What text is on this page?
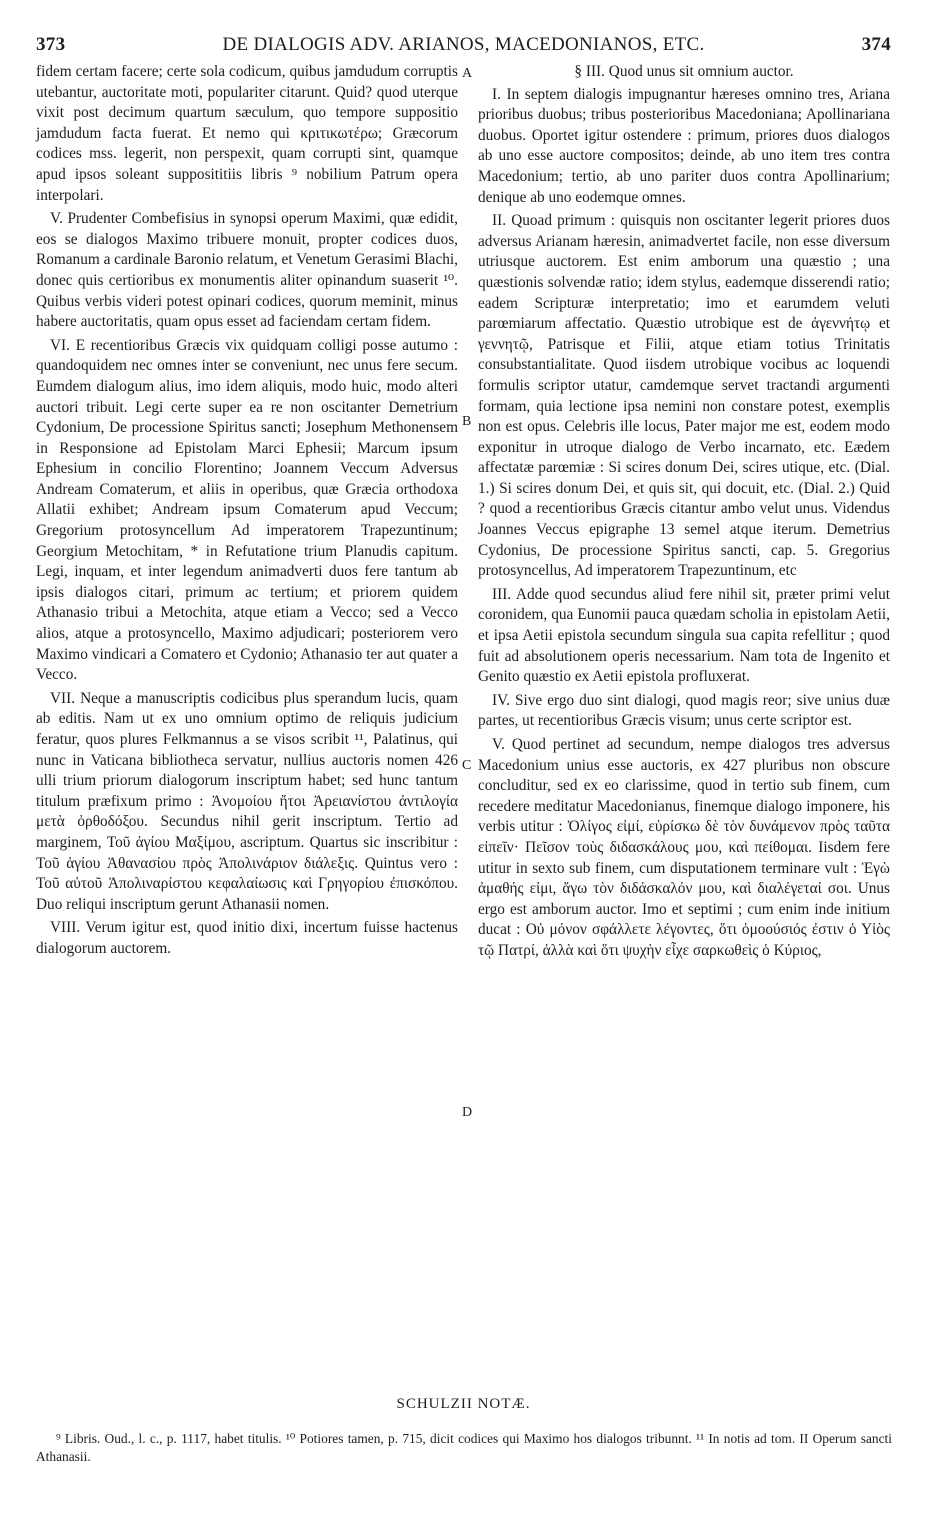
373	DE DIALOGIS ADV. ARIANOS, MACEDONIANOS, ETC.	374

fidem certam facere; certe sola codicum, quibus jamdudum corruptis utebantur, auctoritate moti, populariter citarunt. Quid? quod uterque vixit post decimum quartum sæculum, quo tempore suppositio jamdudum facta fuerat. Et nemo qui κριτικωτέρω; Græcorum codices mss. legerit, non perspexit, quam corrupti sint, quamque apud ipsos soleant supposititiis libris ⁹ nobilium Patrum opera interpolari.

V. Prudenter Combefisius in synopsi operum Maximi, quæ edidit, eos se dialogos Maximo tribuere monuit, propter codices duos, Romanum a cardinale Baronio relatum, et Venetum Gerasimi Blachi, donec quis certioribus ex monumentis aliter opinandum suaserit ¹⁰. Quibus verbis videri potest opinari codices, quorum meminit, minus habere auctoritatis, quam opus esset ad faciendam certam fidem.

VI. E recentioribus Græcis vix quidquam colligi posse autumo : quandoquidem nec omnes inter se conveniunt, nec unus fere secum. Eumdem dialogum alius, imo idem aliquis, modo huic, modo alteri auctori tribuit. Legi certe super ea re non oscitanter Demetrium Cydonium, De processione Spiritus sancti; Josephum Methonensem in Responsione ad Epistolam Marci Ephesii; Marcum ipsum Ephesium in concilio Florentino; Joannem Veccum Adversus Andream Comaterum, et aliis in operibus, quæ Græcia orthodoxa Allatii exhibet; Andream ipsum Comaterum apud Veccum; Gregorium protosyncellum Ad imperatorem Trapezuntinum; Georgium Metochitam, * in Refutatione trium Planudis capitum. Legi, inquam, et inter legendum animadverti duos fere tantum ab ipsis dialogos citari, primum ac tertium; et priorem quidem Athanasio tribui a Metochita, atque etiam a Vecco; sed a Vecco alios, atque a protosyncello, Maximo adjudicari; posteriorem vero Maximo vindicari a Comatero et Cydonio; Athanasio ter aut quater a Vecco.

VII. Neque a manuscriptis codicibus plus sperandum lucis, quam ab editis. Nam ut ex uno omnium optimo de reliquis judicium feratur, quos plures Felkmannus a se visos scribit ¹¹, Palatinus, qui nunc in Vaticana bibliotheca servatur, nullius auctoris nomen 426 ulli trium priorum dialogorum inscriptum habet; sed hunc tantum titulum præfixum primo : Ἀνομοίου ἤτοι Ἀρειανίστου ἀντιλογία μετὰ ὀρθοδόξου. Secundus nihil gerit inscriptum. Tertio ad marginem, Τοῦ ἁγίου Μαξίμου, ascriptum. Quartus sic inscribitur : Τοῦ ἁγίου Ἀθανασίου πρὸς Ἀπολινάριον διάλεξις. Quintus vero : Τοῦ αὐτοῦ Ἀπολιναρίστου κεφαλαίωσις καὶ Γρηγορίου ἐπισκόπου. Duo reliqui inscriptum gerunt Athanasii nomen.

VIII. Verum igitur est, quod initio dixi, incertum fuisse hactenus dialogorum auctorem.

A
B
C
D

§ III. Quod unus sit omnium auctor.

I. In septem dialogis impugnantur hæreses omnino tres, Ariana prioribus duobus; tribus posterioribus Macedoniana; Apollinariana duobus. Oportet igitur ostendere : primum, priores duos dialogos ab uno esse auctore compositos; deinde, ab uno item tres contra Macedonium; tertio, ab uno pariter duos contra Apollinarium; denique ab uno eodemque omnes.

II. Quoad primum : quisquis non oscitanter legerit priores duos adversus Arianam hæresin, animadvertet facile, non esse diversum utriusque auctorem. Est enim amborum una quæstio ; una quæstionis solvendæ ratio; idem stylus, eademque disserendi ratio; eadem Scripturæ interpretatio; imo et earumdem veluti parœmiarum affectatio. Quæstio utrobique est de ἀγεννήτῳ et γεννητῷ, Patrisque et Filii, atque etiam totius Trinitatis consubstantialitate. Quod iisdem utrobique vocibus ac loquendi formulis scriptor utatur, camdemque servet tractandi argumenti formam, quia lectione ipsa nemini non constare potest, exemplis non est opus. Celebris ille locus, Pater major me est, eodem modo exponitur in utroque dialogo de Verbo incarnato, etc. Eædem affectatæ parœmiæ : Si scires donum Dei, scires utique, etc. (Dial. 1.) Si scires donum Dei, et quis sit, qui docuit, etc. (Dial. 2.) Quid ? quod a recentioribus Græcis citantur ambo velut unus. Videndus Joannes Veccus epigraphe 13 semel atque iterum. Demetrius Cydonius, De processione Spiritus sancti, cap. 5. Gregorius protosyncellus, Ad imperatorem Trapezuntinum, etc

III. Adde quod secundus aliud fere nihil sit, præter primi velut coronidem, qua Eunomii pauca quædam scholia in epistolam Aetii, et ipsa Aetii epistola secundum singula sua capita refellitur ; quod fuit ad absolutionem operis necessarium. Nam tota de Ingenito et Genito quæstio ex Aetii epistola profluxerat.

IV. Sive ergo duo sint dialogi, quod magis reor; sive unius duæ partes, ut recentioribus Græcis visum; unus certe scriptor est.

V. Quod pertinet ad secundum, nempe dialogos tres adversus Macedonium unius esse auctoris, ex 427 pluribus non obscure concluditur, sed ex eo clarissime, quod in tertio sub finem, cum recedere meditatur Macedonianus, finemque dialogo imponere, his verbis utitur : Ὀλίγος εἰμί, εὑρίσκω δὲ τὸν δυνάμενον πρὸς ταῦτα εἰπεῖν· Πεῖσον τοὺς διδασκάλους μου, καὶ πείθομαι. Iisdem fere utitur in sexto sub finem, cum disputationem terminare vult : Ἐγὼ ἀμαθής εἰμι, ἄγω τὸν διδάσκαλόν μου, καὶ διαλέγεταί σοι. Unus ergo est amborum auctor. Imo et septimi ; cum enim inde initium ducat : Οὐ μόνον σφάλλετε λέγοντες, ὅτι ὁμοούσιός ἐστιν ὁ Υἱὸς τῷ Πατρί, ἀλλὰ καὶ ὅτι ψυχὴν εἶχε σαρκωθεὶς ὁ Κύριος,

SCHULZII NOTÆ.

⁹ Libris. Oud., l. c., p. 1117, habet titulis. ¹⁰ Potiores tamen, p. 715, dicit codices qui Maximo hos dialogos tribunnt. ¹¹ In notis ad tom. II Operum sancti Athanasii.
